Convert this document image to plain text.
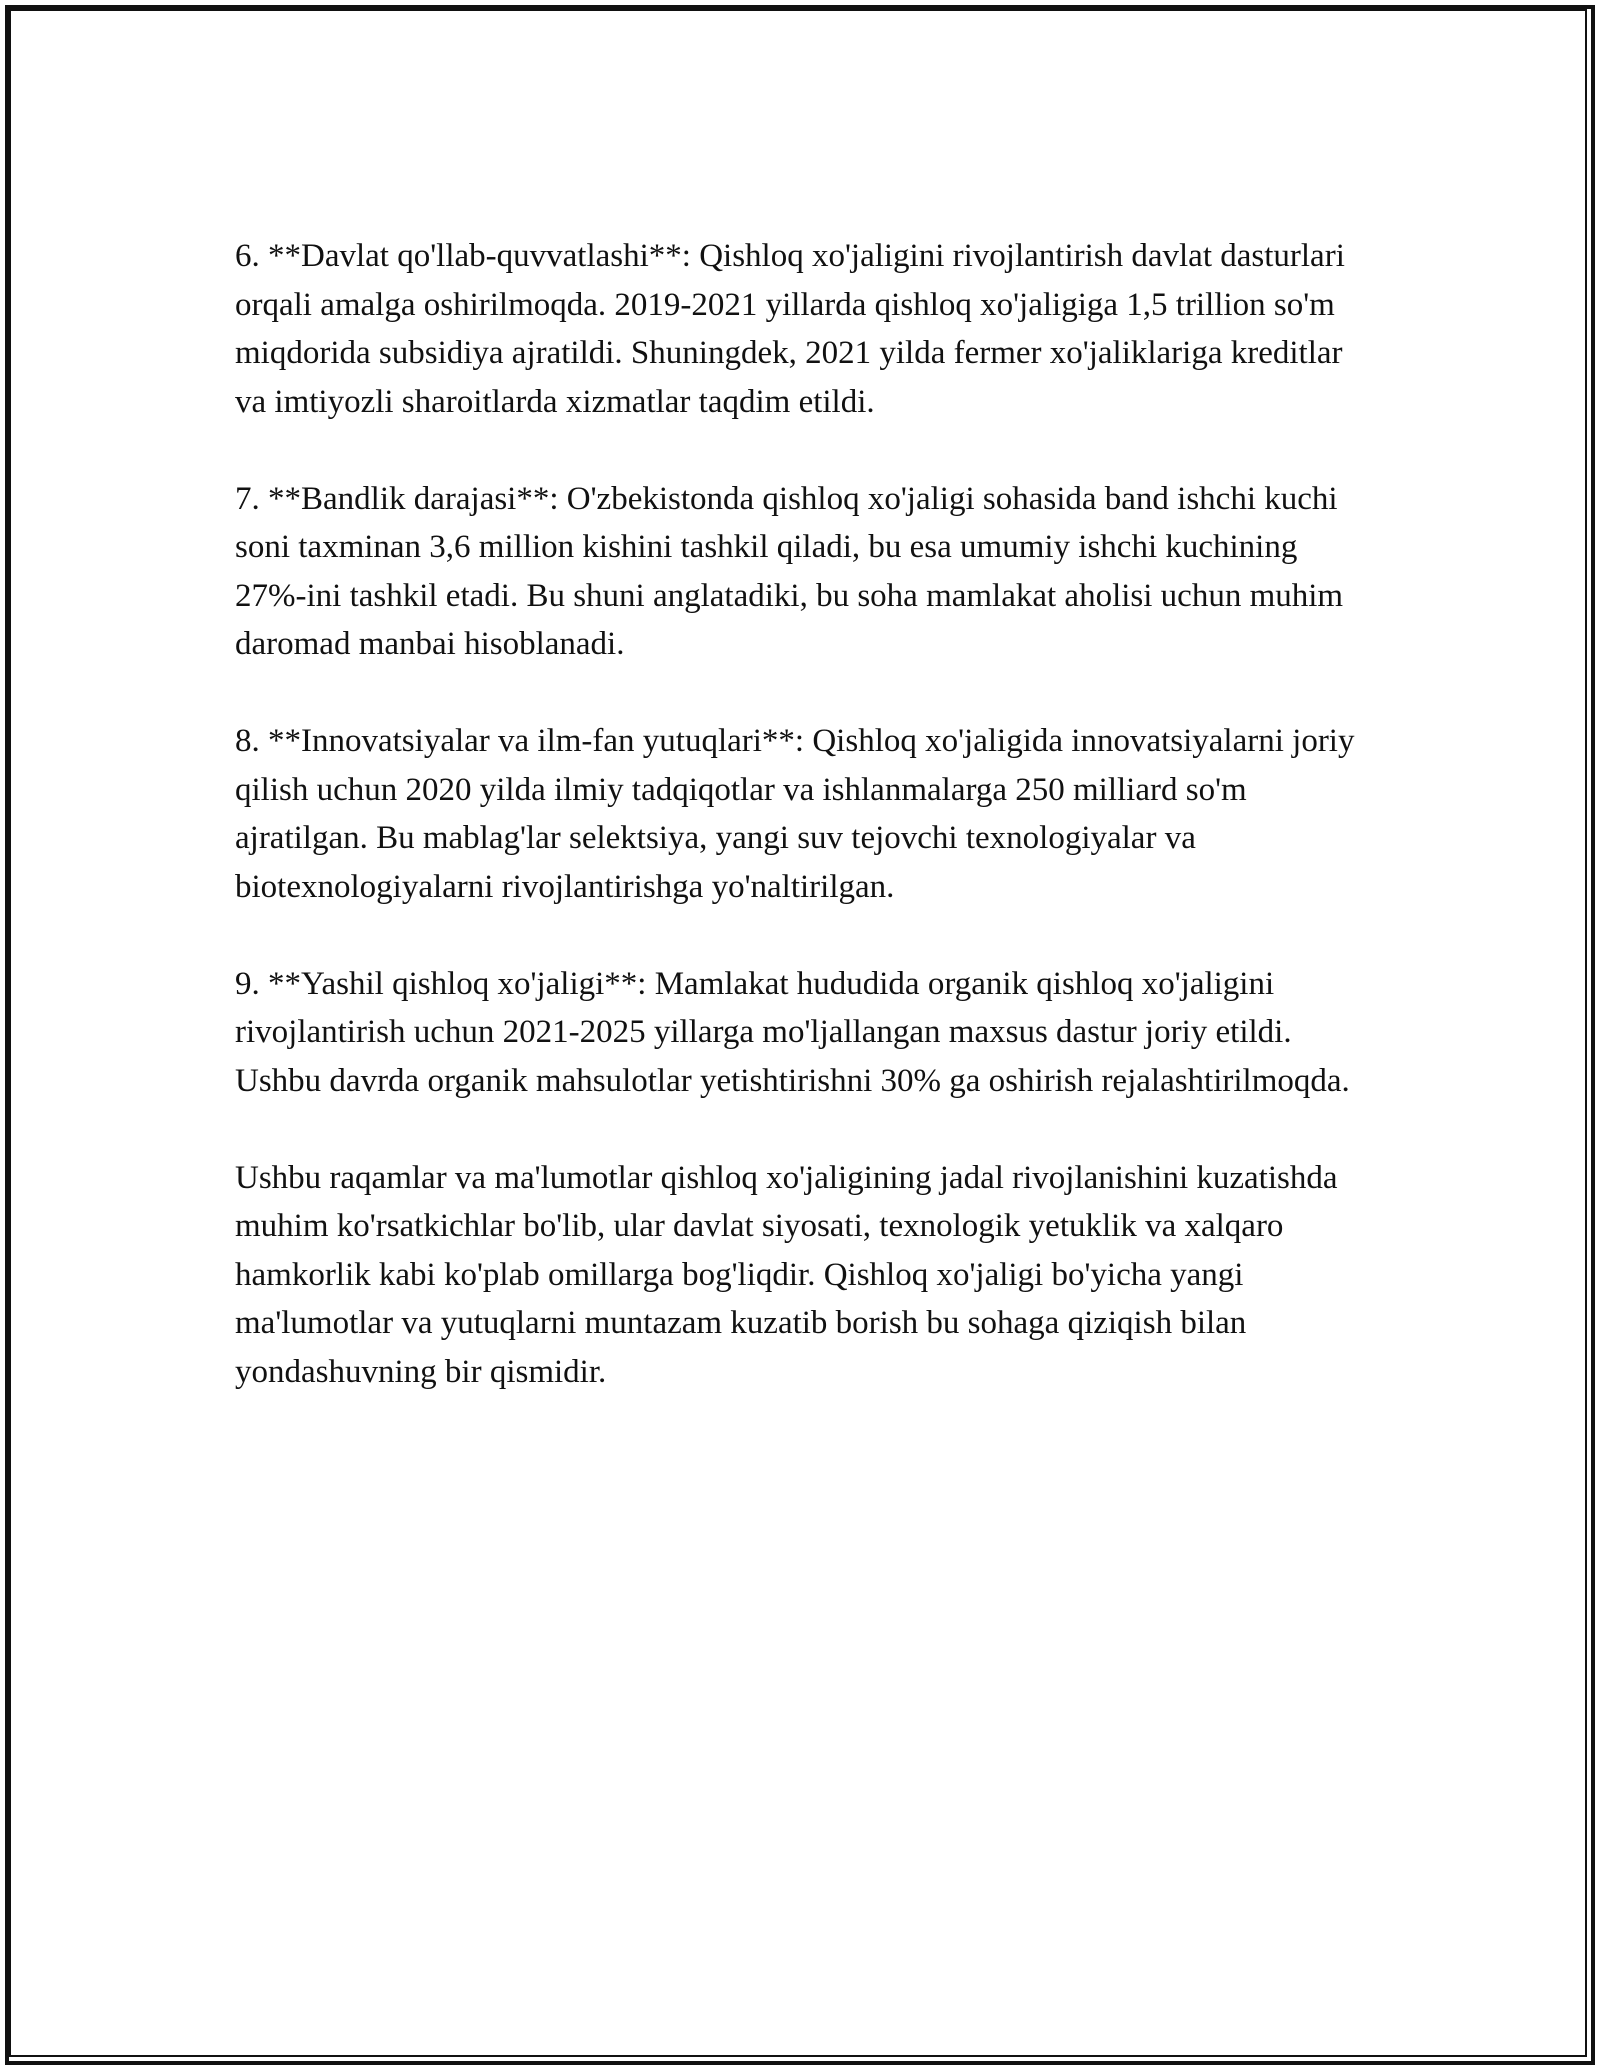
6. **Davlat qo'llab-quvvatlashi**: Qishloq xo'jaligini rivojlantirish davlat dasturlari orqali amalga oshirilmoqda. 2019-2021 yillarda qishloq xo'jaligiga 1,5 trillion so'm miqdorida subsidiya ajratildi. Shuningdek, 2021 yilda fermer xo'jaliklariga kreditlar va imtiyozli sharoitlarda xizmatlar taqdim etildi.

7. **Bandlik darajasi**: O'zbekistonda qishloq xo'jaligi sohasida band ishchi kuchi soni taxminan 3,6 million kishini tashkil qiladi, bu esa umumiy ishchi kuchining 27%-ini tashkil etadi. Bu shuni anglatadiki, bu soha mamlakat aholisi uchun muhim daromad manbai hisoblanadi.

8. **Innovatsiyalar va ilm-fan yutuqlari**: Qishloq xo'jaligida innovatsiyalarni joriy qilish uchun 2020 yilda ilmiy tadqiqotlar va ishlanmalarga 250 milliard so'm ajratilgan. Bu mablag'lar selektsiya, yangi suv tejovchi texnologiyalar va biotexnologiyalarni rivojlantirishga yo'naltirilgan.

9. **Yashil qishloq xo'jaligi**: Mamlakat hududida organik qishloq xo'jaligini rivojlantirish uchun 2021-2025 yillarga mo'ljallangan maxsus dastur joriy etildi. Ushbu davrda organik mahsulotlar yetishtirishni 30% ga oshirish rejalashtirilmoqda.

Ushbu raqamlar va ma'lumotlar qishloq xo'jaligining jadal rivojlanishini kuzatishda muhim ko'rsatkichlar bo'lib, ular davlat siyosati, texnologik yetuklik va xalqaro hamkorlik kabi ko'plab omillarga bog'liqdir. Qishloq xo'jaligi bo'yicha yangi ma'lumotlar va yutuqlarni muntazam kuzatib borish bu sohaga qiziqish bilan yondashuvning bir qismidir.
